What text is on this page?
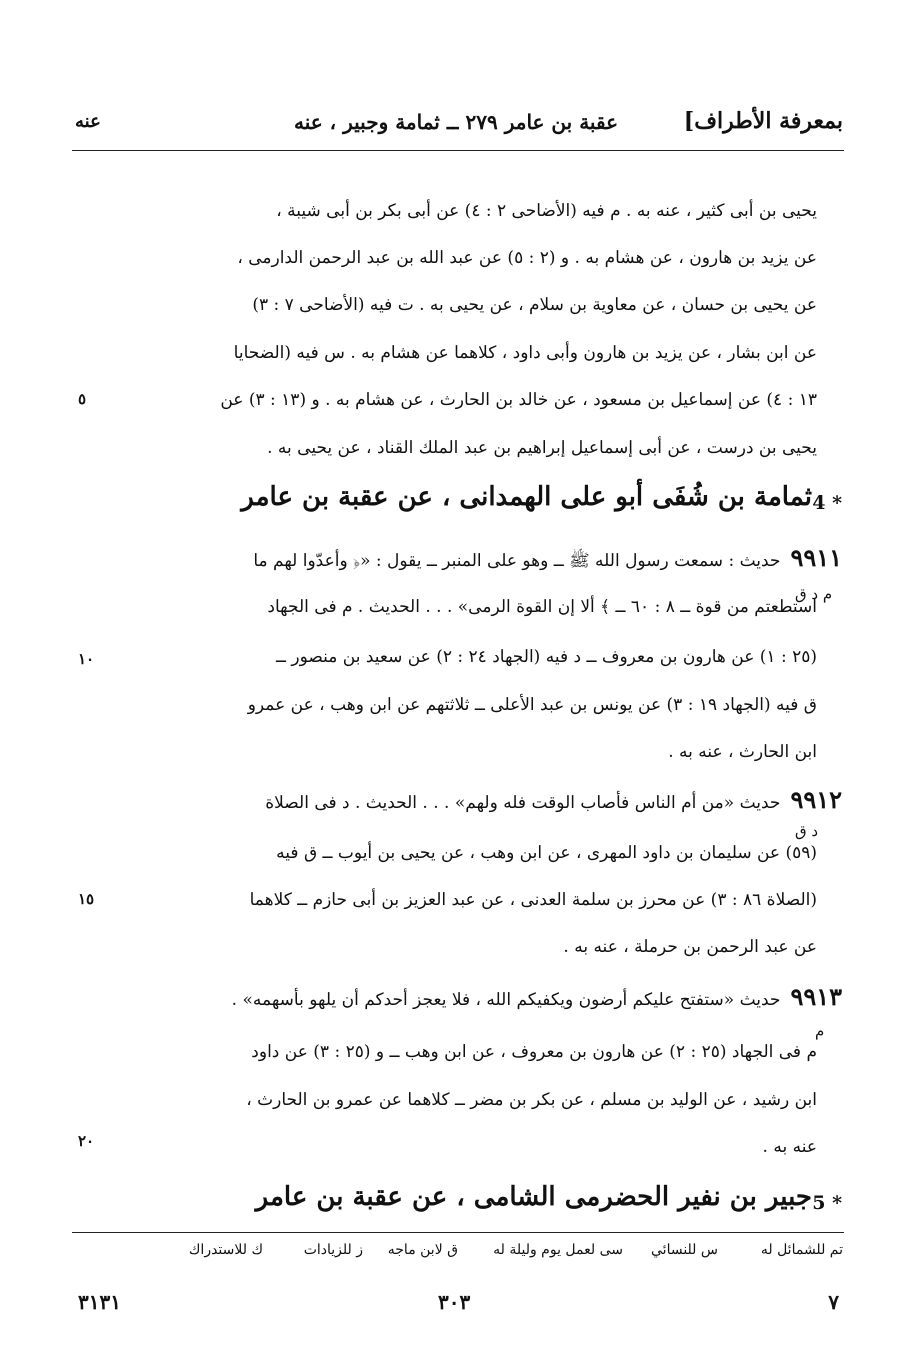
بمعرفة الأطراف]
عقبة بن عامر ٢٧٩ ــ ثمامة وجبير ، عنه
عنه
يحيى بن أبى كثير ، عنه به . م فيه (الأضاحى ٢ : ٤) عن أبى بكر بن أبى شيبة ،
عن يزيد بن هارون ، عن هشام به . و (٢ : ٥) عن عبد الله بن عبد الرحمن الدارمى ،
عن يحيى بن حسان ، عن معاوية بن سلام ، عن يحيى به . ت فيه (الأضاحى ٧ : ٣)
عن ابن بشار ، عن يزيد بن هارون وأبى داود ، كلاهما عن هشام به . س فيه (الضحايا
١٣ : ٤) عن إسماعيل بن مسعود ، عن خالد بن الحارث ، عن هشام به . و (١٣ : ٣) عن
٥
يحيى بن درست ، عن أبى إسماعيل إبراهيم بن عبد الملك القناد ، عن يحيى به .
4 *
ثمامة بن شُفَى أبو على الهمدانى ، عن عقبة بن عامر
٩٩١١حديث : سمعت رسول الله ﷺ ــ وهو على المنبر ــ يقول : «﴿ وأعدّوا لهم ما
م د ق
استطعتم من قوة ــ ٨ : ٦٠ ــ ﴾ ألا إن القوة الرمى» . . . الحديث . م فى الجهاد
(٢٥ : ١) عن هارون بن معروف ــ د فيه (الجهاد ٢٤ : ٢) عن سعيد بن منصور ــ
١٠
ق فيه (الجهاد ١٩ : ٣) عن يونس بن عبد الأعلى ــ ثلاثتهم عن ابن وهب ، عن عمرو
ابن الحارث ، عنه به .
٩٩١٢حديث «من أم الناس فأصاب الوقت فله ولهم» . . . الحديث . د فى الصلاة
د ق
(٥٩) عن سليمان بن داود المهرى ، عن ابن وهب ، عن يحيى بن أيوب ــ ق فيه
(الصلاة ٨٦ : ٣) عن محرز بن سلمة العدنى ، عن عبد العزيز بن أبى حازم ــ كلاهما
١٥
عن عبد الرحمن بن حرملة ، عنه به .
٩٩١٣حديث «ستفتح عليكم أرضون ويكفيكم الله ، فلا يعجز أحدكم أن يلهو بأسهمه» .
م
م فى الجهاد (٢٥ : ٢) عن هارون بن معروف ، عن ابن وهب ــ و (٢٥ : ٣) عن داود
ابن رشيد ، عن الوليد بن مسلم ، عن بكر بن مضر ــ كلاهما عن عمرو بن الحارث ،
عنه به .
٢٠
5 *
جبير بن نفير الحضرمى الشامى ، عن عقبة بن عامر
تم للشمائل له
س للنسائي
سى لعمل يوم وليلة له
ق لابن ماجه
ز للزيادات
ك للاستدراك
٧
٣٠٣
٣١٣١
